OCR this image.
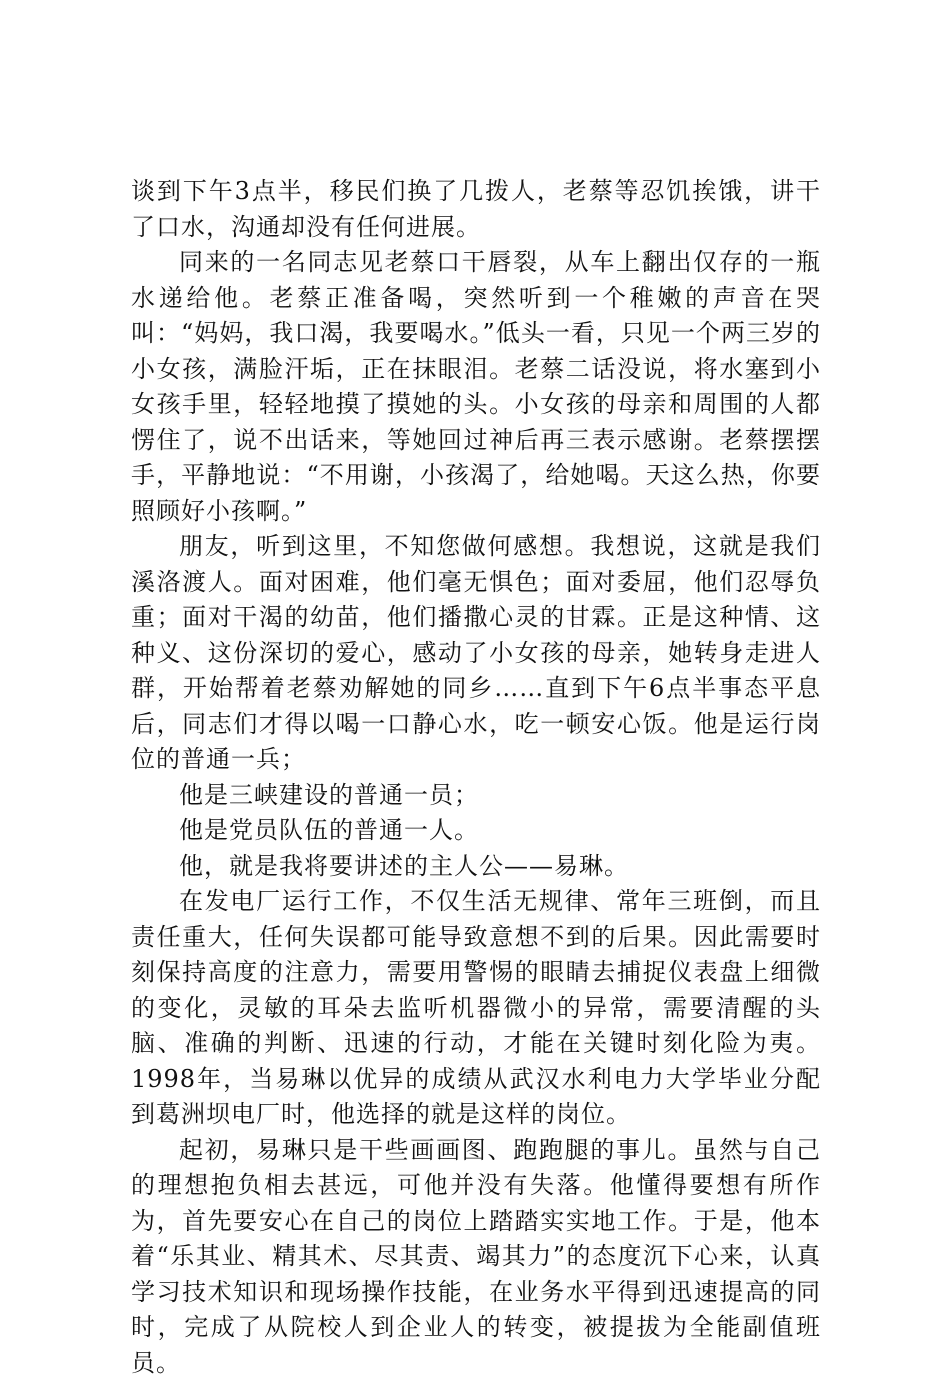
谈到下午3点半，移民们换了几拨人，老蔡等忍饥挨饿，讲干了口水，沟通却没有任何进展。

同来的一名同志见老蔡口干唇裂，从车上翻出仅存的一瓶水递给他。老蔡正准备喝，突然听到一个稚嫩的声音在哭叫：“妈妈，我口渴，我要喝水。”低头一看，只见一个两三岁的小女孩，满脸汗垢，正在抹眼泪。老蔡二话没说，将水塞到小女孩手里，轻轻地摸了摸她的头。小女孩的母亲和周围的人都愣住了，说不出话来，等她回过神后再三表示感谢。老蔡摆摆手，平静地说：“不用谢，小孩渴了，给她喝。天这么热，你要照顾好小孩啊。”

朋友，听到这里，不知您做何感想。我想说，这就是我们溪洛渡人。面对困难，他们毫无惧色；面对委屈，他们忍辱负重；面对干渴的幼苗，他们播撒心灵的甘霖。正是这种情、这种义、这份深切的爱心，感动了小女孩的母亲，她转身走进人群，开始帮着老蔡劝解她的同乡……直到下午6点半事态平息后，同志们才得以喝一口静心水，吃一顿安心饭。他是运行岗位的普通一兵；

他是三峡建设的普通一员；

他是党员队伍的普通一人。

他，就是我将要讲述的主人公——易琳。

在发电厂运行工作，不仅生活无规律、常年三班倒，而且责任重大，任何失误都可能导致意想不到的后果。因此需要时刻保持高度的注意力，需要用警惕的眼睛去捕捉仪表盘上细微的变化，灵敏的耳朵去监听机器微小的异常，需要清醒的头脑、准确的判断、迅速的行动，才能在关键时刻化险为夷。1998年，当易琳以优异的成绩从武汉水利电力大学毕业分配到葛洲坝电厂时，他选择的就是这样的岗位。

起初，易琳只是干些画画图、跑跑腿的事儿。虽然与自己的理想抱负相去甚远，可他并没有失落。他懂得要想有所作为，首先要安心在自己的岗位上踏踏实实地工作。于是，他本着“乐其业、精其术、尽其责、竭其力”的态度沉下心来，认真学习技术知识和现场操作技能，在业务水平得到迅速提高的同时，完成了从院校人到企业人的转变，被提拔为全能副值班员。
